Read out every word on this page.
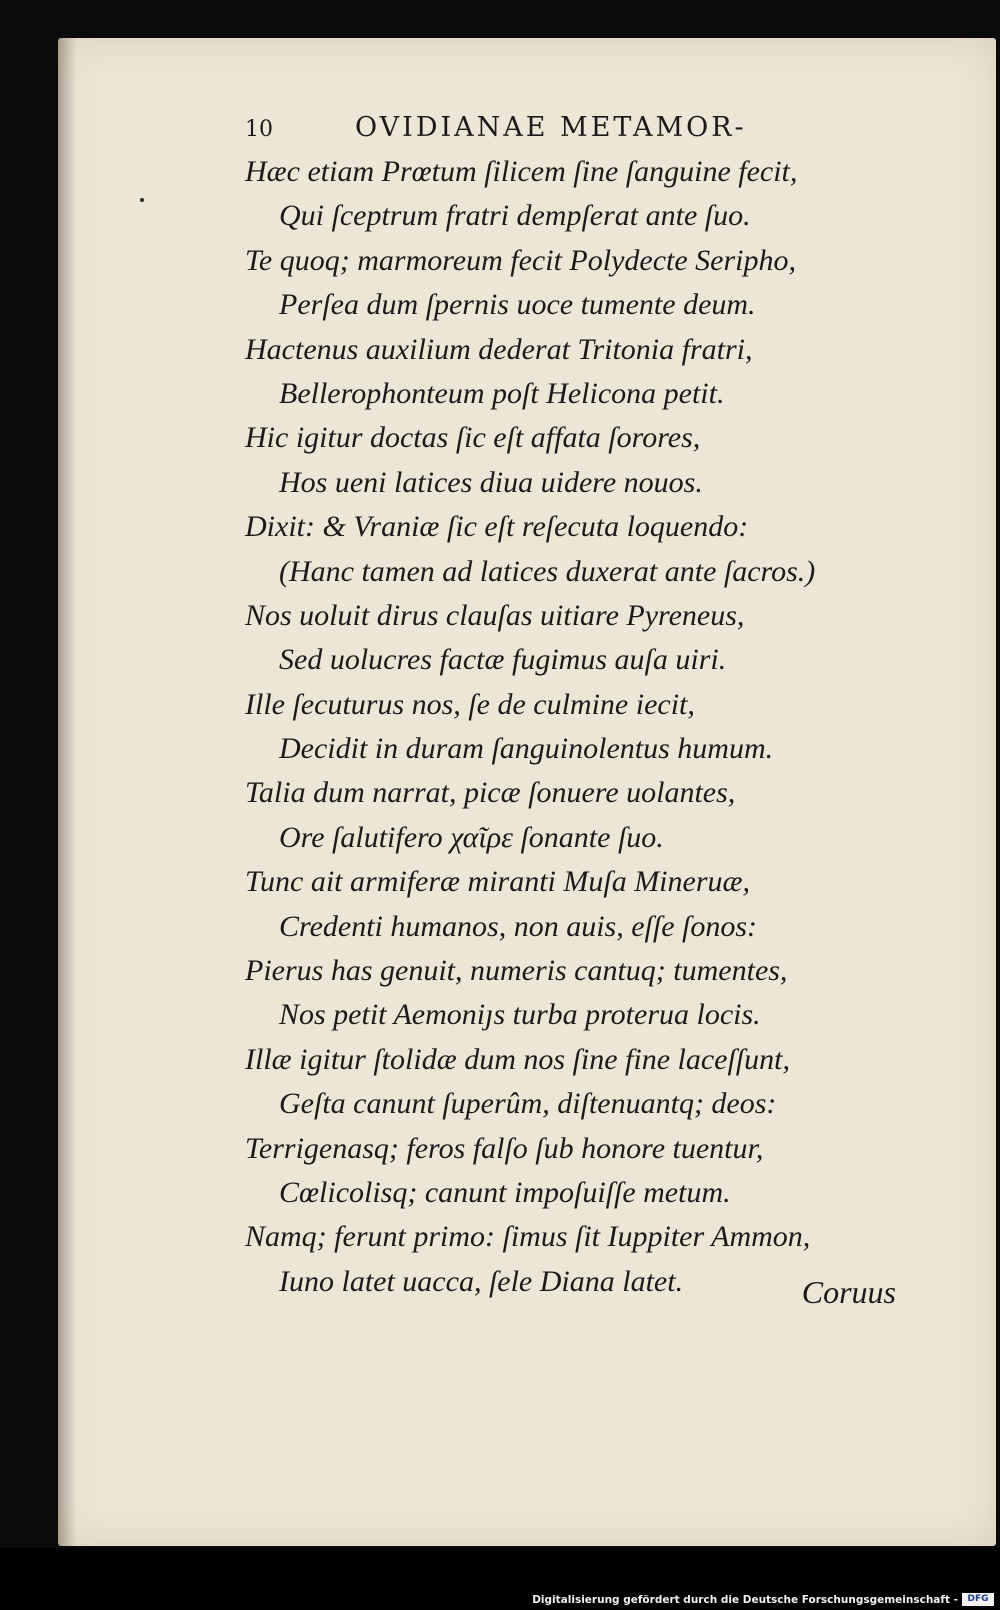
10	OVIDIANAE METAMOR-
Hæc etiam Prœtum ſilicem ſine ſanguine fecit,
Qui ſceptrum fratri dempſerat ante ſuo.
Te quoq; marmoreum fecit Polydecte Seripho,
Perſea dum ſpernis uoce tumente deum.
Hactenus auxilium dederat Tritonia fratri,
Bellerophonteum poſt Helicona petit.
Hic igitur doctas ſic eſt affata ſorores,
Hos ueni latices diua uidere nouos.
Dixit: & Vraniæ ſic eſt reſecuta loquendo:
(Hanc tamen ad latices duxerat ante ſacros.)
Nos uoluit dirus clauſas uitiare Pyreneus,
Sed uolucres factæ fugimus auſa uiri.
Ille ſecuturus nos, ſe de culmine iecit,
Decidit in duram ſanguinolentus humum.
Talia dum narrat, picæ ſonuere uolantes,
Ore ſalutifero χαῖρε ſonante ſuo.
Tunc ait armiferæ miranti Muſa Mineruæ,
Credenti humanos, non auis, eſſe ſonos:
Pierus has genuit, numeris cantuq; tumentes,
Nos petit Aemoniȷs turba proterua locis.
Illæ igitur ſtolidæ dum nos ſine fine laceſſunt,
Geſta canunt ſuperûm, diſtenuantq; deos:
Terrigenasq; feros falſo ſub honore tuentur,
Cœlicolisq; canunt impoſuiſſe metum.
Namq; ferunt primo: ſimus ſit Iuppiter Ammon,
Iuno latet uacca, ſele Diana latet.	Coruus
Digitalisierung gefördert durch die Deutsche Forschungsgemeinschaft -	DFG
